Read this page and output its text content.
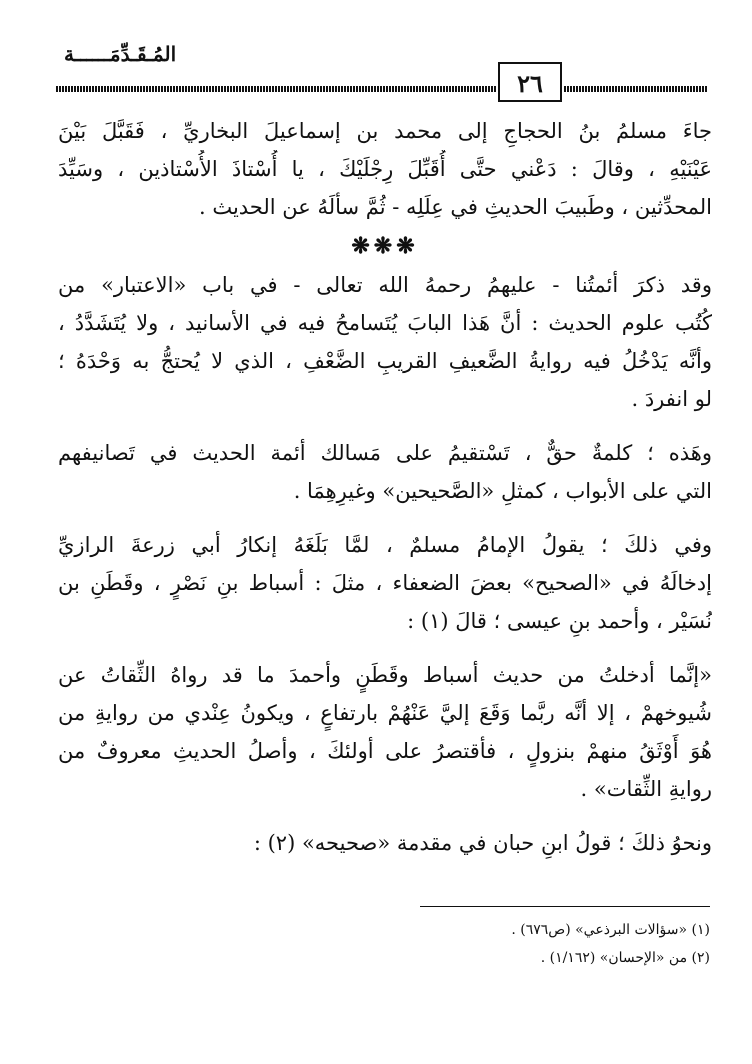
المُـقَـدِّمَــــــة
٢٦
جاءَ مسلمُ بنُ الحجاجِ إلى محمد بن إسماعيلَ البخاريِّ ، فَقَبَّلَ بَيْنَ
عَيْنَيْهِ ، وقالَ : دَعْني حتَّى أُقَبِّلَ رِجْلَيْكَ ، يا أُسْتاذَ الأُسْتاذين ، وسَيِّدَ
المحدِّثين ، وطَبيبَ الحديثِ في عِلَلِه - ثُمَّ سألَهُ عن الحديث .
❋❋❋
وقد ذكرَ أئمتُنا - عليهمُ رحمهُ الله تعالى - في باب «الاعتبار» من
كُتُب علوم الحديث : أنَّ هَذا البابَ يُتَسامحُ فيه في الأسانيد ، ولا يُتَشَدَّدُ ،
وأنَّه يَدْخُلُ فيه روايةُ الضَّعيفِ القريبِ الضَّعْفِ ، الذي لا يُحتجُّ به وَحْدَهُ ؛
لو انفردَ .
وهَذه ؛ كلمةٌ حقٌّ ، تَسْتقيمُ على مَسالك أئمة الحديث في تَصانيفهم
التي على الأبواب ، كمثلِ «الصَّحيحين» وغيرِهِمَا .
وفي ذلكَ ؛ يقولُ الإمامُ مسلمٌ ، لمَّا بَلَغَهُ إنكارُ أبي زرعةَ الرازيِّ
إدخالَهُ في «الصحيح» بعضَ الضعفاء ، مثلَ : أسباط بنِ نَصْرٍ ، وقَطَنِ بن
نُسَيْر ، وأحمد بنِ عيسى ؛ قالَ (١) :
«إنَّما أدخلتُ من حديث أسباط وقَطَنٍ وأحمدَ ما قد رواهُ الثِّقاتُ عن
شُيوخهمْ ، إلا أنَّه ربَّما وَقَعَ إليَّ عَنْهُمْ بارتفاعٍ ، ويكونُ عِنْدي من روايةِ من
هُوَ أَوْثَقُ منهمْ بنزولٍ ، فأقتصرُ على أولئكَ ، وأصلُ الحديثِ معروفٌ من
روايةِ الثِّقات» .
ونحوُ ذلكَ ؛ قولُ ابنِ حبان في مقدمة «صحيحه» (٢) :
(١) «سؤالات البرذعي» (ص٦٧٦) .
(٢) من «الإحسان» (١/١٦٢) .
